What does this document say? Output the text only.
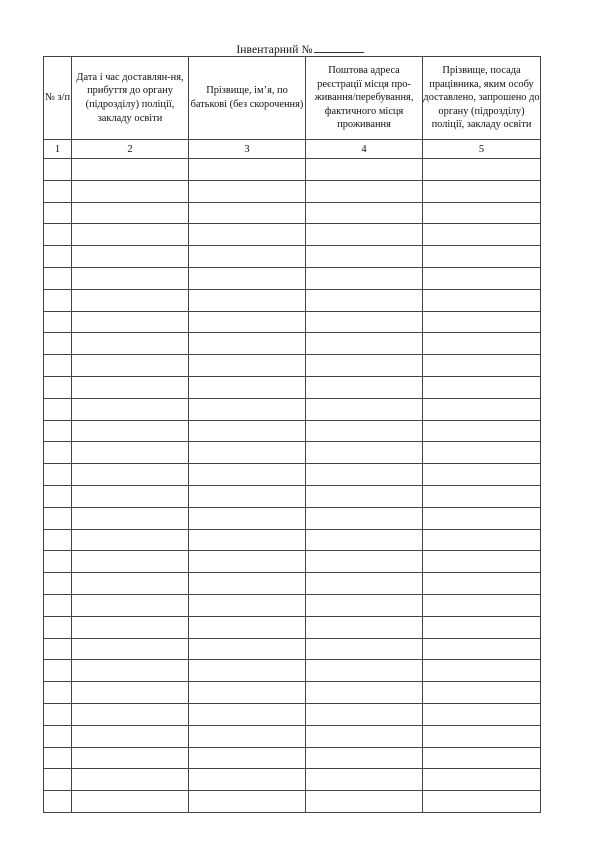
Інвентарний №
№ з/п	Дата і час доставлян-ня, прибуття до органу (підрозділу) поліції, закладу освіти	Прізвище, ім’я, по батькові (без скорочення)	Поштова адреса реєстрації місця про-живання/перебування, фактичного місця проживання	Прізвище, посада працівника, яким особу доставлено, запрошено до органу (підрозділу) поліції, закладу освіти
1	2	3	4	5
